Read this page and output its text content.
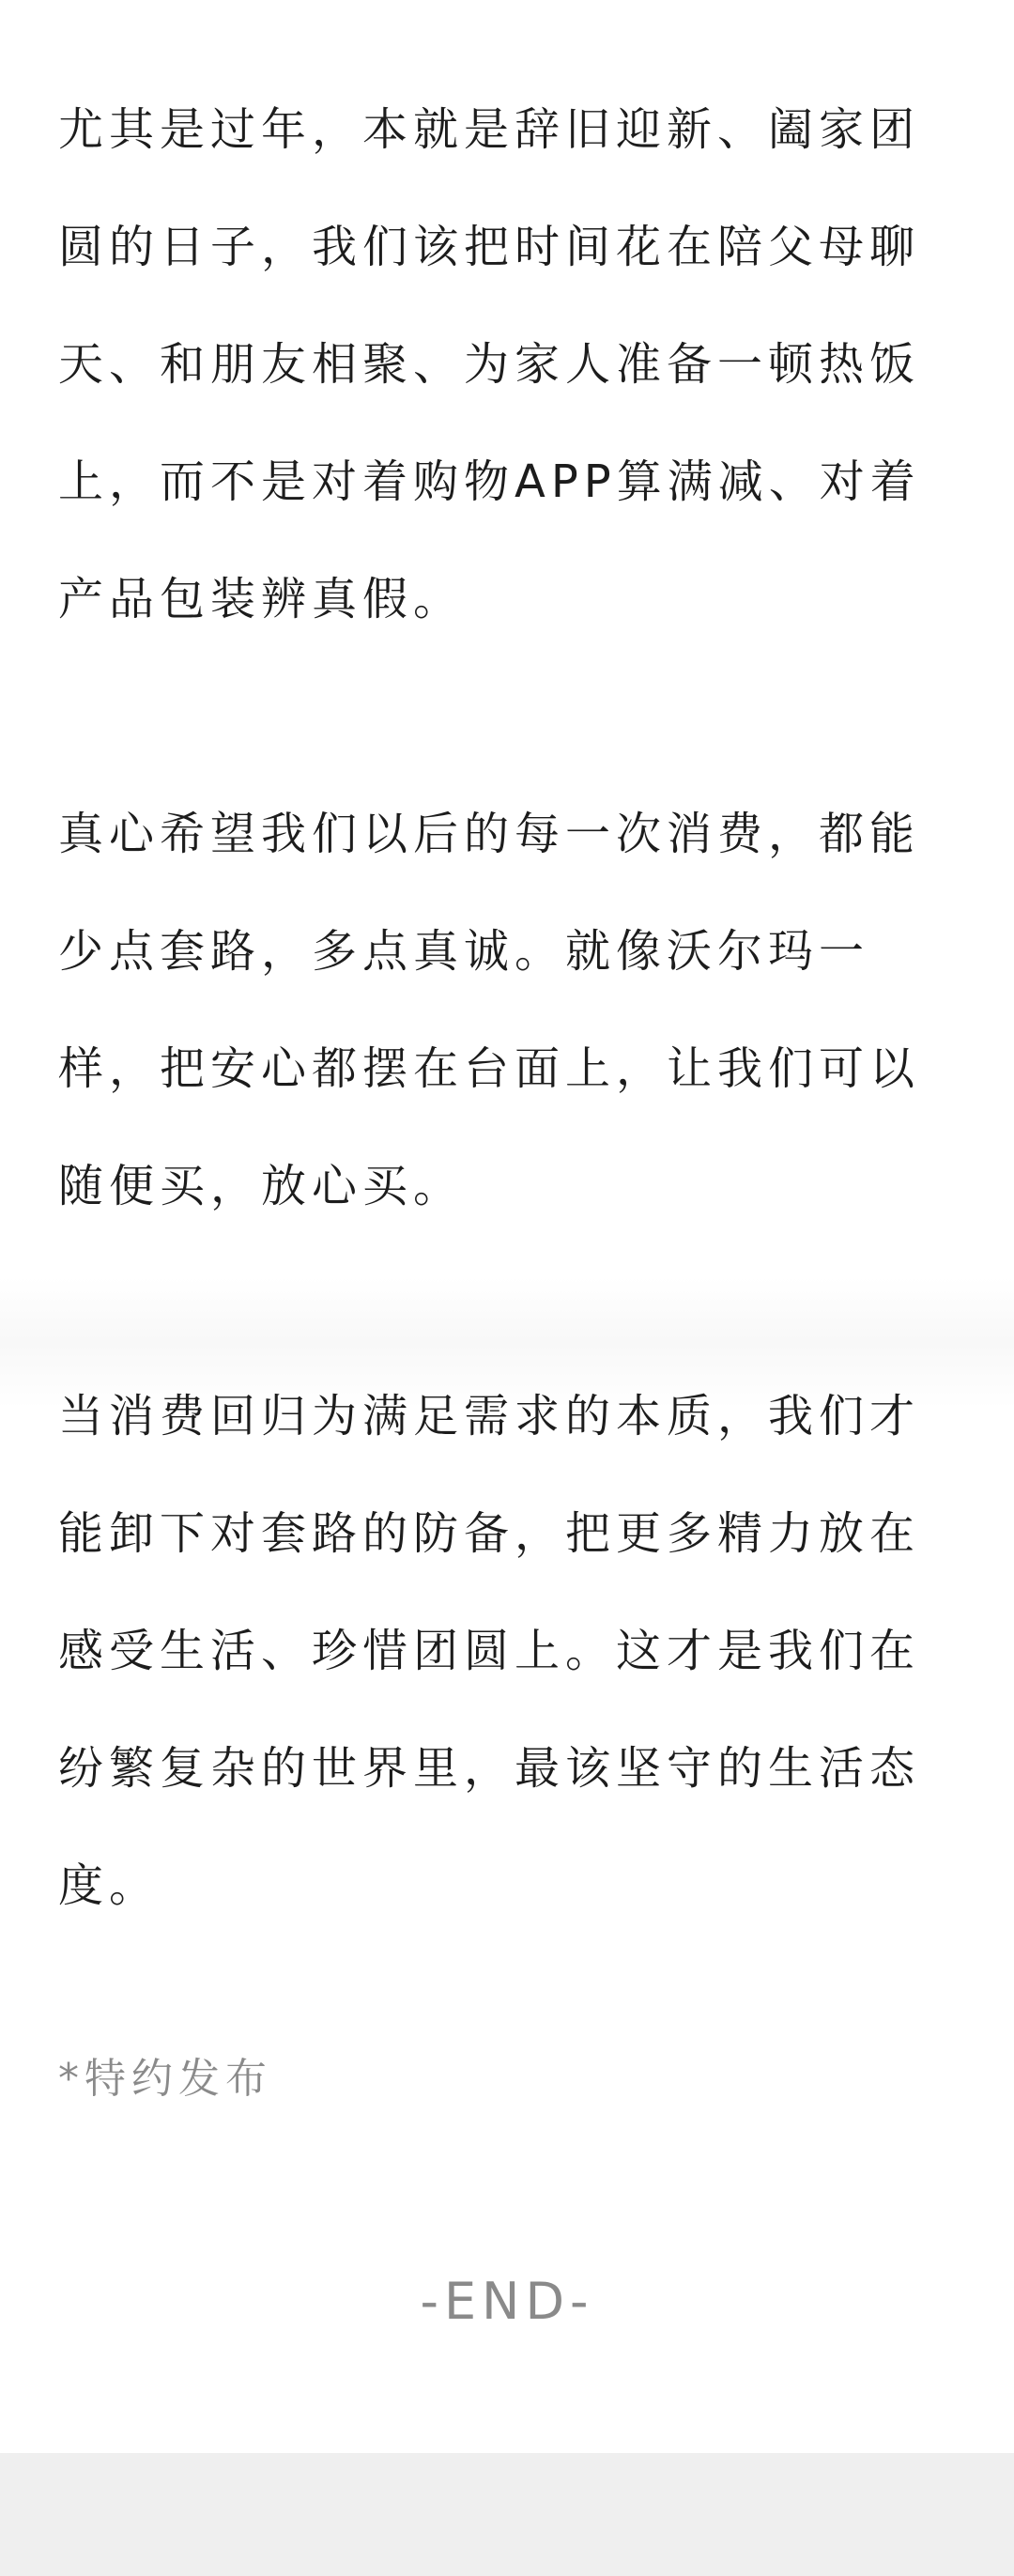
尤其是过年，本就是辞旧迎新、阖家团圆的日子，我们该把时间花在陪父母聊天、和朋友相聚、为家人准备一顿热饭上，而不是对着购物APP算满减、对着产品包装辨真假。

真心希望我们以后的每一次消费，都能少点套路，多点真诚。就像沃尔玛一样，把安心都摆在台面上，让我们可以随便买，放心买。

当消费回归为满足需求的本质，我们才能卸下对套路的防备，把更多精力放在感受生活、珍惜团圆上。这才是我们在纷繁复杂的世界里，最该坚守的生活态度。

*特约发布
-END-
